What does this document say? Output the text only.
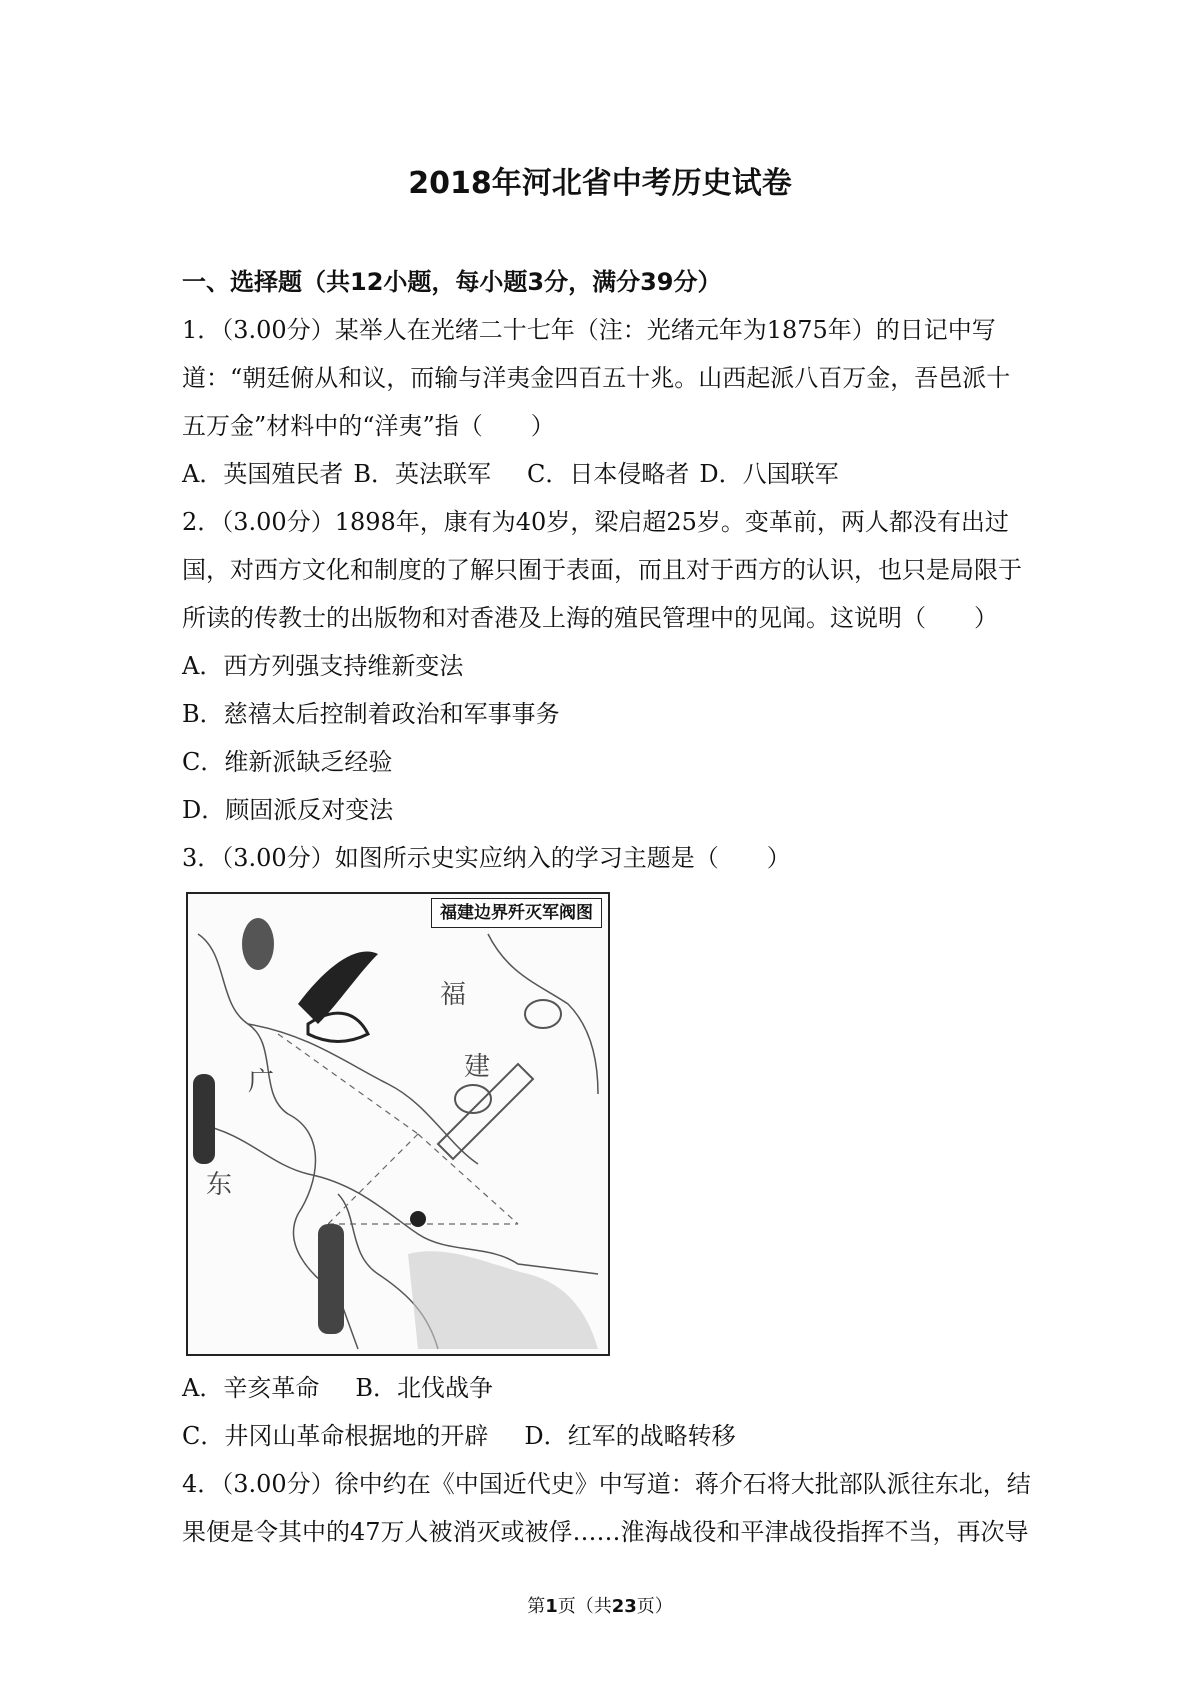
2018年河北省中考历史试卷

一、选择题（共12小题，每小题3分，满分39分）

1．（3.00分）某举人在光绪二十七年（注：光绪元年为1875年）的日记中写道：“朝廷俯从和议，而输与洋夷金四百五十兆。山西起派八百万金，吾邑派十五万金”材料中的“洋夷”指（　　）

A．英国殖民者 B．英法联军 C．日本侵略者 D．八国联军

2．（3.00分）1898年，康有为40岁，梁启超25岁。变革前，两人都没有出过国，对西方文化和制度的了解只囿于表面，而且对于西方的认识，也只是局限于所读的传教士的出版物和对香港及上海的殖民管理中的见闻。这说明（　　）

A．西方列强支持维新变法

B．慈禧太后控制着政治和军事事务

C．维新派缺乏经验

D．顾固派反对变法

3．（3.00分）如图所示史实应纳入的学习主题是（　　）

福建边界歼灭军阀图
福
建
广
东

A．辛亥革命 B．北伐战争

C．井冈山革命根据地的开辟 D．红军的战略转移

4．（3.00分）徐中约在《中国近代史》中写道：蒋介石将大批部队派往东北，结果便是令其中的47万人被消灭或被俘……淮海战役和平津战役指挥不当，再次导

第1页（共23页）
